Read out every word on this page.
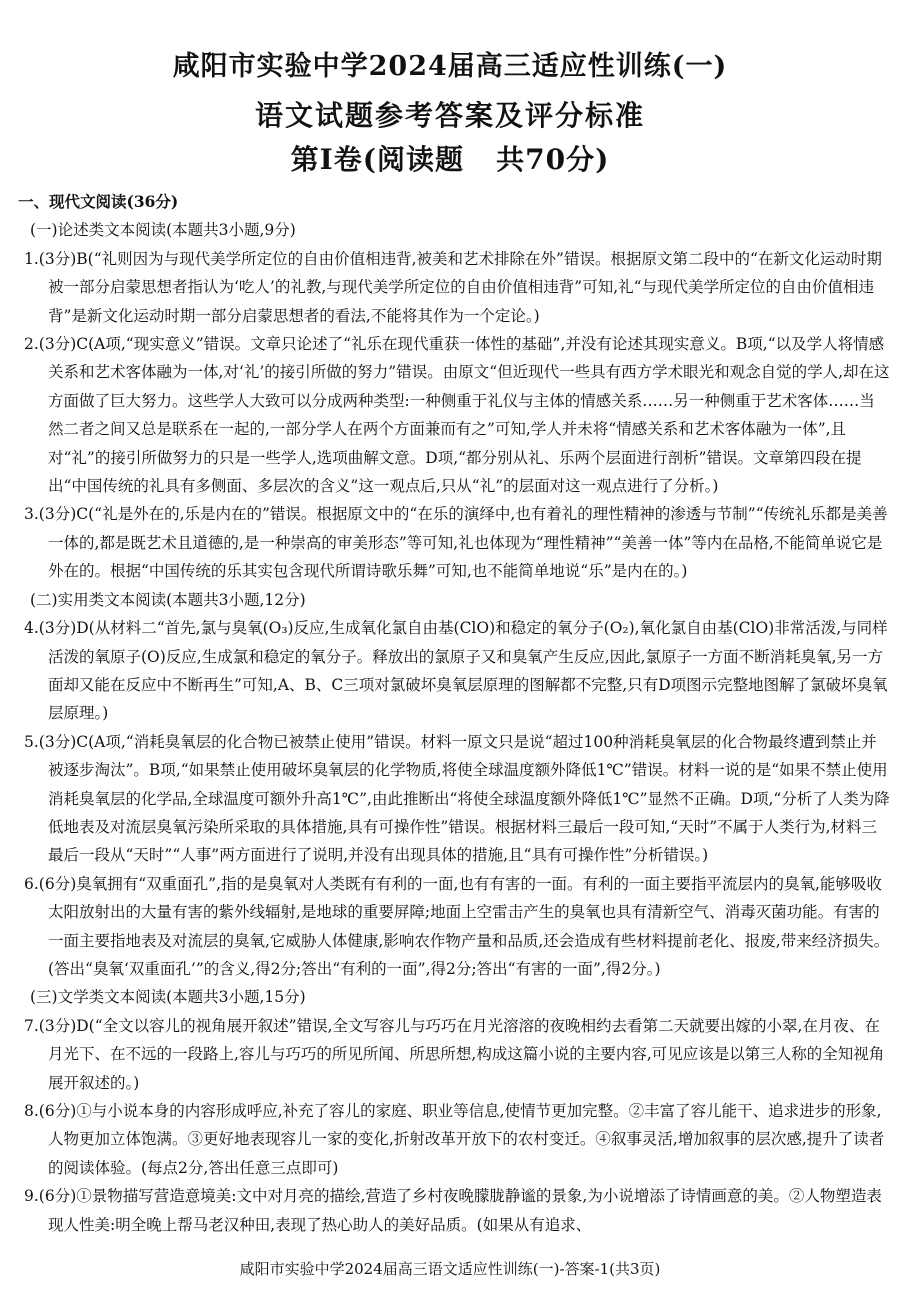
咸阳市实验中学2024届高三适应性训练(一)
语文试题参考答案及评分标准
第Ⅰ卷(阅读题   共70分)
一、现代文阅读(36分)
(一)论述类文本阅读(本题共3小题,9分)
1.(3分)B(“礼则因为与现代美学所定位的自由价值相违背,被美和艺术排除在外”错误。根据原文第二段中的“在新文化运动时期被一部分启蒙思想者指认为‘吃人’的礼教,与现代美学所定位的自由价值相违背”可知,礼“与现代美学所定位的自由价值相违背”是新文化运动时期一部分启蒙思想者的看法,不能将其作为一个定论。)
2.(3分)C(A项,“现实意义”错误。文章只论述了“礼乐在现代重获一体性的基础”,并没有论述其现实意义。B项,“以及学人将情感关系和艺术客体融为一体,对‘礼’的接引所做的努力”错误。由原文“但近现代一些具有西方学术眼光和观念自觉的学人,却在这方面做了巨大努力。这些学人大致可以分成两种类型:一种侧重于礼仪与主体的情感关系……另一种侧重于艺术客体……当然二者之间又总是联系在一起的,一部分学人在两个方面兼而有之”可知,学人并未将“情感关系和艺术客体融为一体”,且对“礼”的接引所做努力的只是一些学人,选项曲解文意。D项,“都分别从礼、乐两个层面进行剖析”错误。文章第四段在提出“中国传统的礼具有多侧面、多层次的含义”这一观点后,只从“礼”的层面对这一观点进行了分析。)
3.(3分)C(“礼是外在的,乐是内在的”错误。根据原文中的“在乐的演绎中,也有着礼的理性精神的渗透与节制”“传统礼乐都是美善一体的,都是既艺术且道德的,是一种崇高的审美形态”等可知,礼也体现为“理性精神”“美善一体”等内在品格,不能简单说它是外在的。根据“中国传统的乐其实包含现代所谓诗歌乐舞”可知,也不能简单地说“乐”是内在的。)
(二)实用类文本阅读(本题共3小题,12分)
4.(3分)D(从材料二“首先,氯与臭氧(O₃)反应,生成氧化氯自由基(ClO)和稳定的氧分子(O₂),氧化氯自由基(ClO)非常活泼,与同样活泼的氧原子(O)反应,生成氯和稳定的氧分子。释放出的氯原子又和臭氧产生反应,因此,氯原子一方面不断消耗臭氧,另一方面却又能在反应中不断再生”可知,A、B、C三项对氯破坏臭氧层原理的图解都不完整,只有D项图示完整地图解了氯破坏臭氧层原理。)
5.(3分)C(A项,“消耗臭氧层的化合物已被禁止使用”错误。材料一原文只是说“超过100种消耗臭氧层的化合物最终遭到禁止并被逐步淘汰”。B项,“如果禁止使用破坏臭氧层的化学物质,将使全球温度额外降低1℃”错误。材料一说的是“如果不禁止使用消耗臭氧层的化学品,全球温度可额外升高1℃”,由此推断出“将使全球温度额外降低1℃”显然不正确。D项,“分析了人类为降低地表及对流层臭氧污染所采取的具体措施,具有可操作性”错误。根据材料三最后一段可知,“天时”不属于人类行为,材料三最后一段从“天时”“人事”两方面进行了说明,并没有出现具体的措施,且“具有可操作性”分析错误。)
6.(6分)臭氧拥有“双重面孔”,指的是臭氧对人类既有有利的一面,也有有害的一面。有利的一面主要指平流层内的臭氧,能够吸收太阳放射出的大量有害的紫外线辐射,是地球的重要屏障;地面上空雷击产生的臭氧也具有清新空气、消毒灭菌功能。有害的一面主要指地表及对流层的臭氧,它威胁人体健康,影响农作物产量和品质,还会造成有些材料提前老化、报废,带来经济损失。(答出“臭氧‘双重面孔’”的含义,得2分;答出“有利的一面”,得2分;答出“有害的一面”,得2分。)
(三)文学类文本阅读(本题共3小题,15分)
7.(3分)D(“全文以容儿的视角展开叙述”错误,全文写容儿与巧巧在月光溶溶的夜晚相约去看第二天就要出嫁的小翠,在月夜、在月光下、在不远的一段路上,容儿与巧巧的所见所闻、所思所想,构成这篇小说的主要内容,可见应该是以第三人称的全知视角展开叙述的。)
8.(6分)①与小说本身的内容形成呼应,补充了容儿的家庭、职业等信息,使情节更加完整。②丰富了容儿能干、追求进步的形象,人物更加立体饱满。③更好地表现容儿一家的变化,折射改革开放下的农村变迁。④叙事灵活,增加叙事的层次感,提升了读者的阅读体验。(每点2分,答出任意三点即可)
9.(6分)①景物描写营造意境美:文中对月亮的描绘,营造了乡村夜晚朦胧静谧的景象,为小说增添了诗情画意的美。②人物塑造表现人性美:明全晚上帮马老汉种田,表现了热心助人的美好品质。(如果从有追求、
咸阳市实验中学2024届高三语文适应性训练(一)-答案-1(共3页)
